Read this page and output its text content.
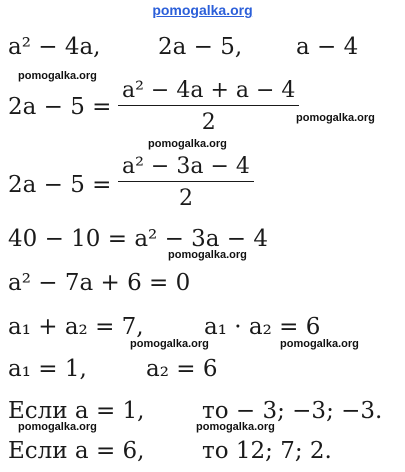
pomogalka.org
a² − 4a,	2a − 5, a − 4
pomogalka.org
2a − 5 =
a² − 4a + a − 4
2	pomogalka.org
pomogalka.org
2a − 5 =
a² − 3a − 4
2
40 − 10 = a² − 3a − 4
pomogalka.org
a² − 7a + 6 = 0
a₁ + a₂ = 7,	a₁ · a₂ = 6
pomogalka.org	pomogalka.org
a₁ = 1,	a₂ = 6
Если a = 1,	то − 3; −3; −3.
pomogalka.org	pomogalka.org
Если a = 6,	то 12; 7; 2.
